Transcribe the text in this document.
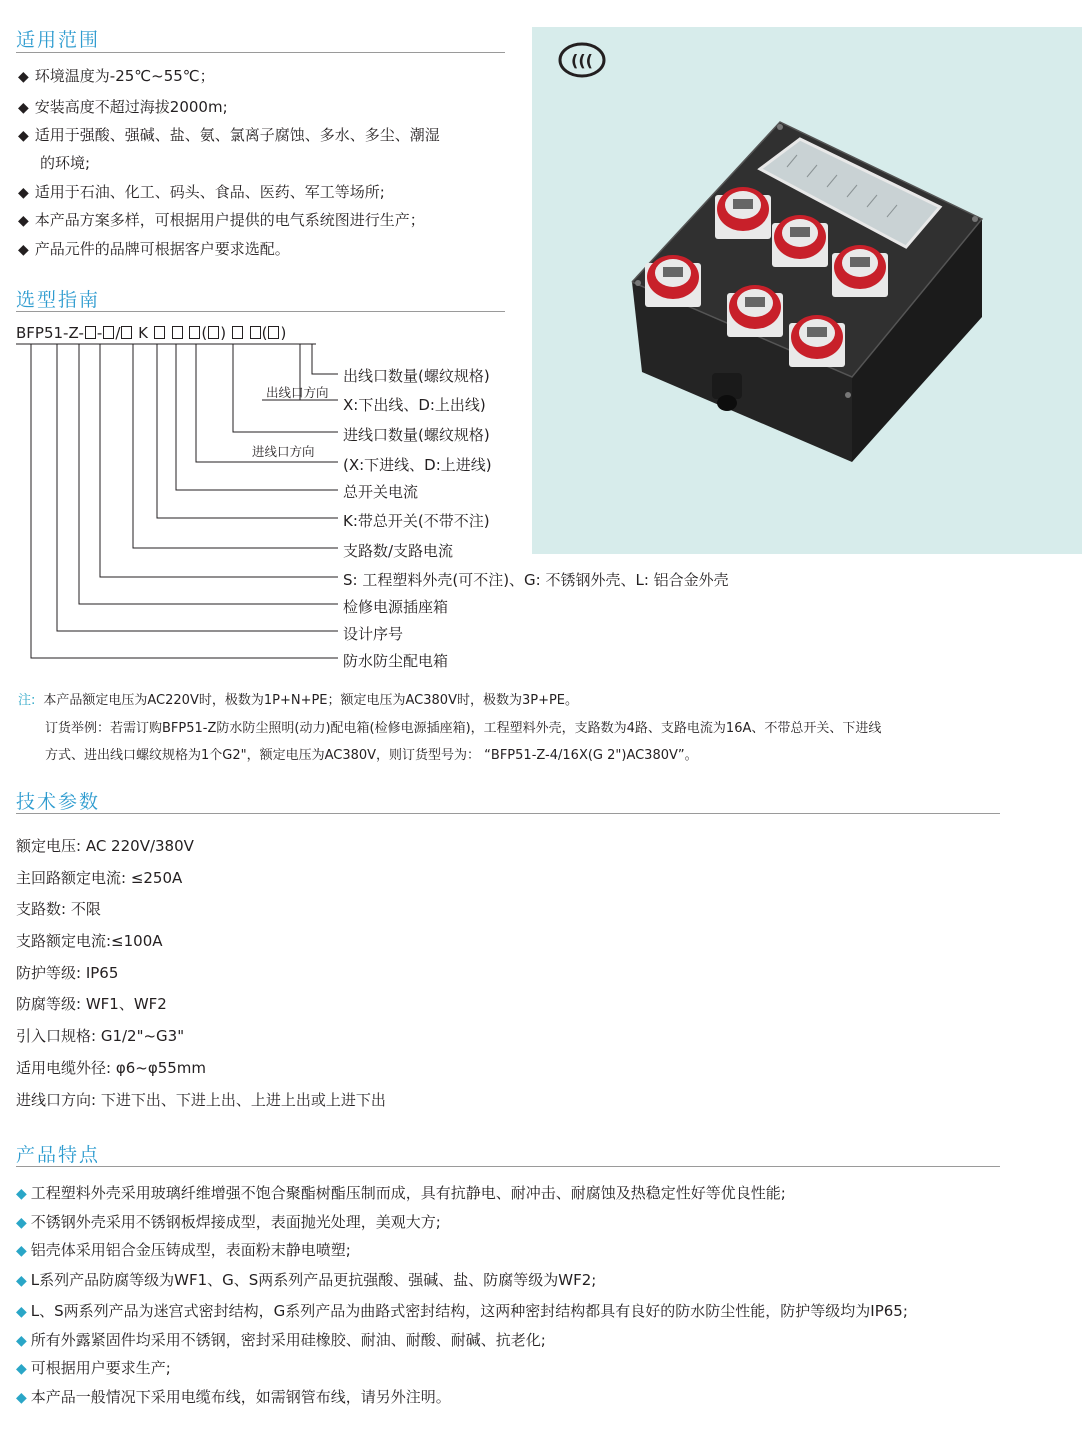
适用范围
◆ 环境温度为-25℃~55℃；
◆ 安装高度不超过海拔2000m;
◆ 适用于强酸、强碱、盐、氨、氯离子腐蚀、多水、多尘、潮湿
的环境;
◆ 适用于石油、化工、码头、食品、医药、军工等场所;
◆ 本产品方案多样，可根据用户提供的电气系统图进行生产；
◆ 产品元件的品牌可根据客户要求选配。
选型指南
BFP51-Z- - / K	( )  ( )
出线口方向
进线口方向
出线口数量(螺纹规格)
X:下出线、D:上出线)
进线口数量(螺纹规格)
(X:下进线、D:上进线)
总开关电流
K:带总开关(不带不注)
支路数/支路电流
S: 工程塑料外壳(可不注)、G: 不锈钢外壳、L: 铝合金外壳
检修电源插座箱
设计序号
防水防尘配电箱
(((
注: 本产品额定电压为AC220V时，极数为1P+N+PE；额定电压为AC380V时，极数为3P+PE。
订货举例：若需订购BFP51-Z防水防尘照明(动力)配电箱(检修电源插座箱)，工程塑料外壳，支路数为4路、支路电流为16A、不带总开关、下进线
方式、进出线口螺纹规格为1个G2"，额定电压为AC380V，则订货型号为： “BFP51-Z-4/16X(G 2")AC380V”。
技术参数
额定电压: AC 220V/380V
主回路额定电流: ≤250A
支路数: 不限
支路额定电流:≤100A
防护等级: IP65
防腐等级: WF1、WF2
引入口规格: G1/2"~G3"
适用电缆外径: φ6~φ55mm
进线口方向: 下进下出、下进上出、上进上出或上进下出
产品特点
◆ 工程塑料外壳采用玻璃纤维增强不饱合聚酯树酯压制而成，具有抗静电、耐冲击、耐腐蚀及热稳定性好等优良性能;
◆ 不锈钢外壳采用不锈钢板焊接成型，表面抛光处理，美观大方;
◆ 铝壳体采用铝合金压铸成型，表面粉末静电喷塑;
◆ L系列产品防腐等级为WF1、G、S两系列产品更抗强酸、强碱、盐、防腐等级为WF2;
◆ L、S两系列产品为迷宫式密封结构，G系列产品为曲路式密封结构，这两种密封结构都具有良好的防水防尘性能，防护等级均为IP65;
◆ 所有外露紧固件均采用不锈钢，密封采用硅橡胶、耐油、耐酸、耐碱、抗老化;
◆ 可根据用户要求生产;
◆ 本产品一般情况下采用电缆布线，如需钢管布线，请另外注明。
